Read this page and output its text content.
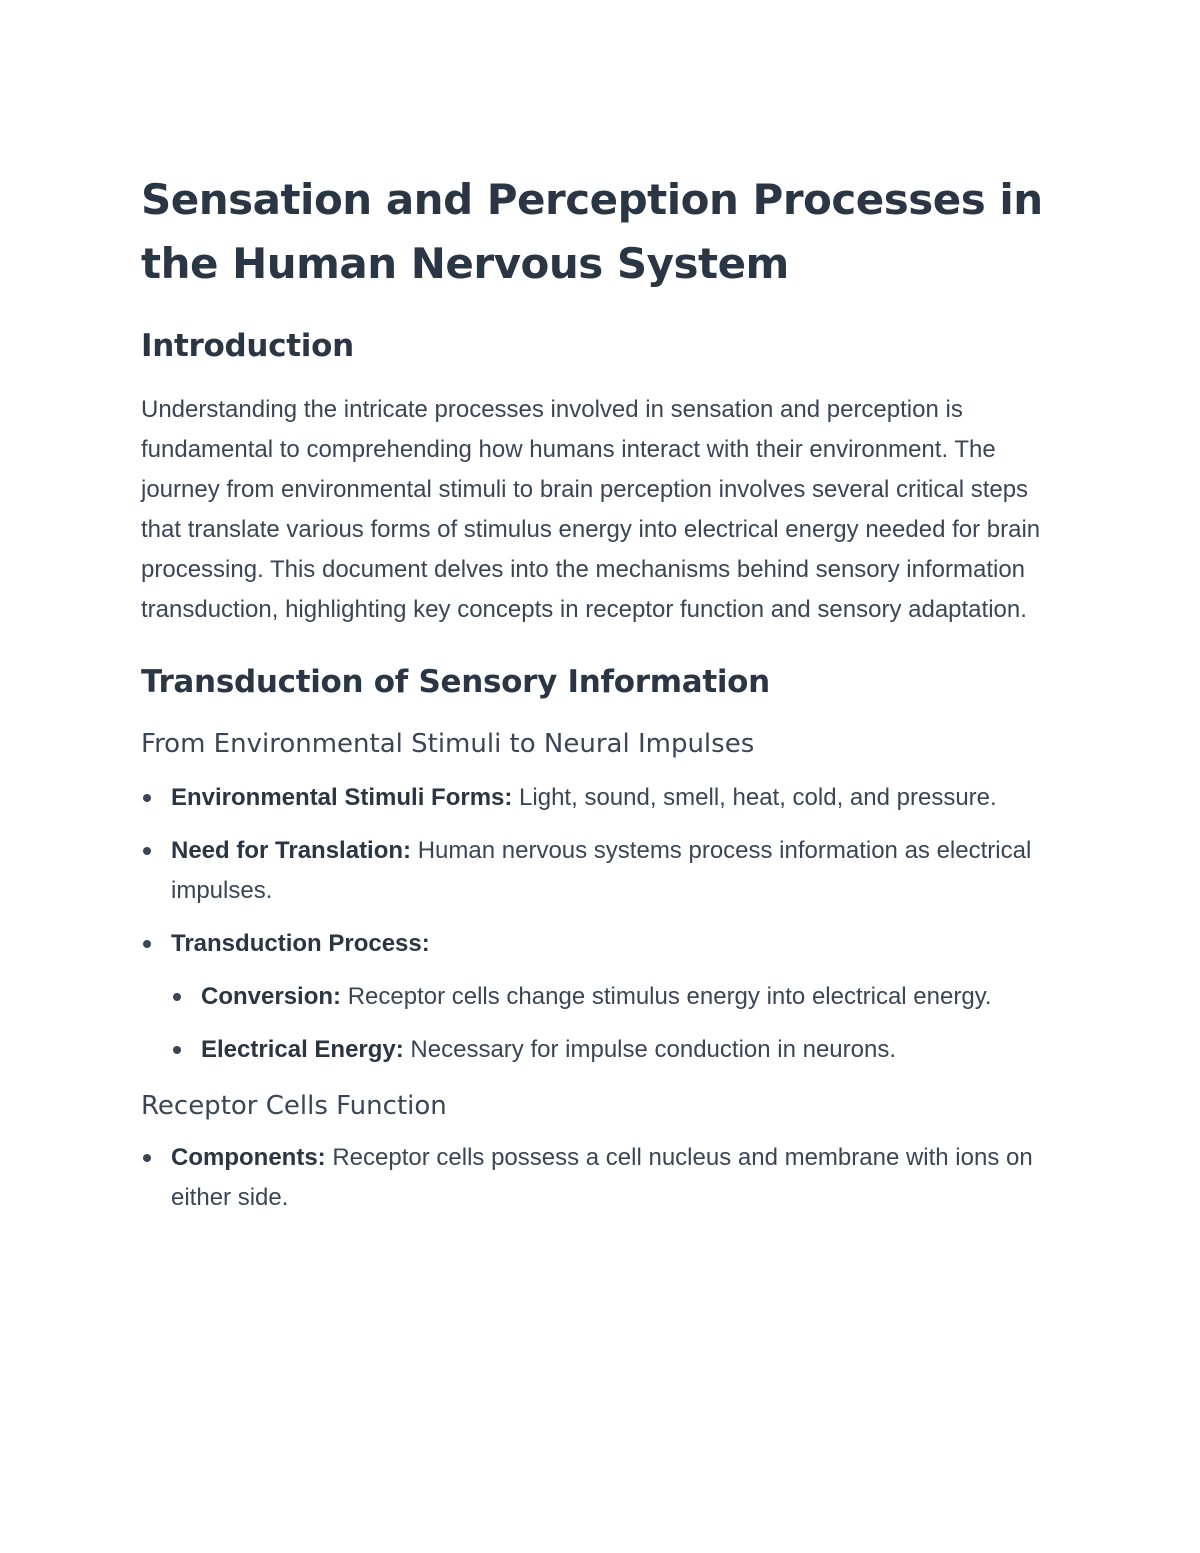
Sensation and Perception Processes in the Human Nervous System
Introduction

Understanding the intricate processes involved in sensation and perception is fundamental to comprehending how humans interact with their environment. The journey from environmental stimuli to brain perception involves several critical steps that translate various forms of stimulus energy into electrical energy needed for brain processing. This document delves into the mechanisms behind sensory information transduction, highlighting key concepts in receptor function and sensory adaptation.

Transduction of Sensory Information
From Environmental Stimuli to Neural Impulses
Environmental Stimuli Forms: Light, sound, smell, heat, cold, and pressure.
Need for Translation: Human nervous systems process information as electrical impulses.
Transduction Process:
Conversion: Receptor cells change stimulus energy into electrical energy.
Electrical Energy: Necessary for impulse conduction in neurons.
Receptor Cells Function
Components: Receptor cells possess a cell nucleus and membrane with ions on either side.
